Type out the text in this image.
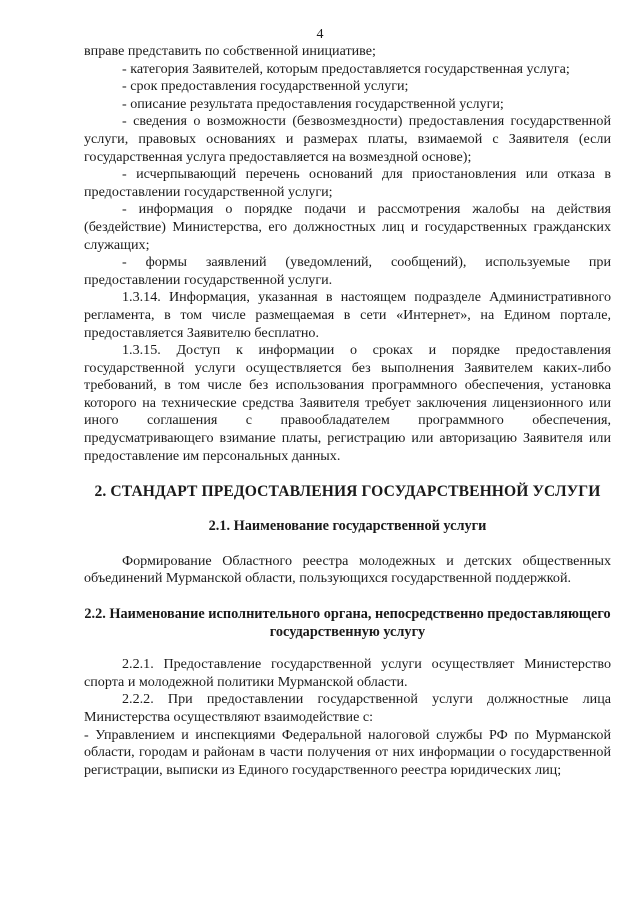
4

вправе представить по собственной инициативе;

- категория Заявителей, которым предоставляется государственная услуга;

- срок предоставления государственной услуги;

- описание результата предоставления государственной услуги;

- сведения о возможности (безвозмездности) предоставления государственной услуги, правовых основаниях и размерах платы, взимаемой с Заявителя (если государственная услуга предоставляется на возмездной основе);

- исчерпывающий перечень оснований для приостановления или отказа в предоставлении государственной услуги;

- информация о порядке подачи и рассмотрения жалобы на действия (бездействие) Министерства, его должностных лиц и государственных гражданских служащих;

- формы заявлений (уведомлений, сообщений), используемые при предоставлении государственной услуги.

1.3.14. Информация, указанная в настоящем подразделе Административного регламента, в том числе размещаемая в сети «Интернет», на Едином портале, предоставляется Заявителю бесплатно.

1.3.15. Доступ к информации о сроках и порядке предоставления государственной услуги осуществляется без выполнения Заявителем каких-либо требований, в том числе без использования программного обеспечения, установка которого на технические средства Заявителя требует заключения лицензионного или иного соглашения с правообладателем программного обеспечения, предусматривающего взимание платы, регистрацию или авторизацию Заявителя или предоставление им персональных данных.

2. СТАНДАРТ ПРЕДОСТАВЛЕНИЯ ГОСУДАРСТВЕННОЙ УСЛУГИ
2.1. Наименование государственной услуги

Формирование Областного реестра молодежных и детских общественных объединений Мурманской области, пользующихся государственной поддержкой.

2.2. Наименование исполнительного органа, непосредственно предоставляющего государственную услугу

2.2.1. Предоставление государственной услуги осуществляет Министерство спорта и молодежной политики Мурманской области.

2.2.2. При предоставлении государственной услуги должностные лица Министерства осуществляют взаимодействие с:

- Управлением и инспекциями Федеральной налоговой службы РФ по Мурманской области, городам и районам в части получения от них информации о государственной регистрации, выписки из Единого государственного реестра юридических лиц;
